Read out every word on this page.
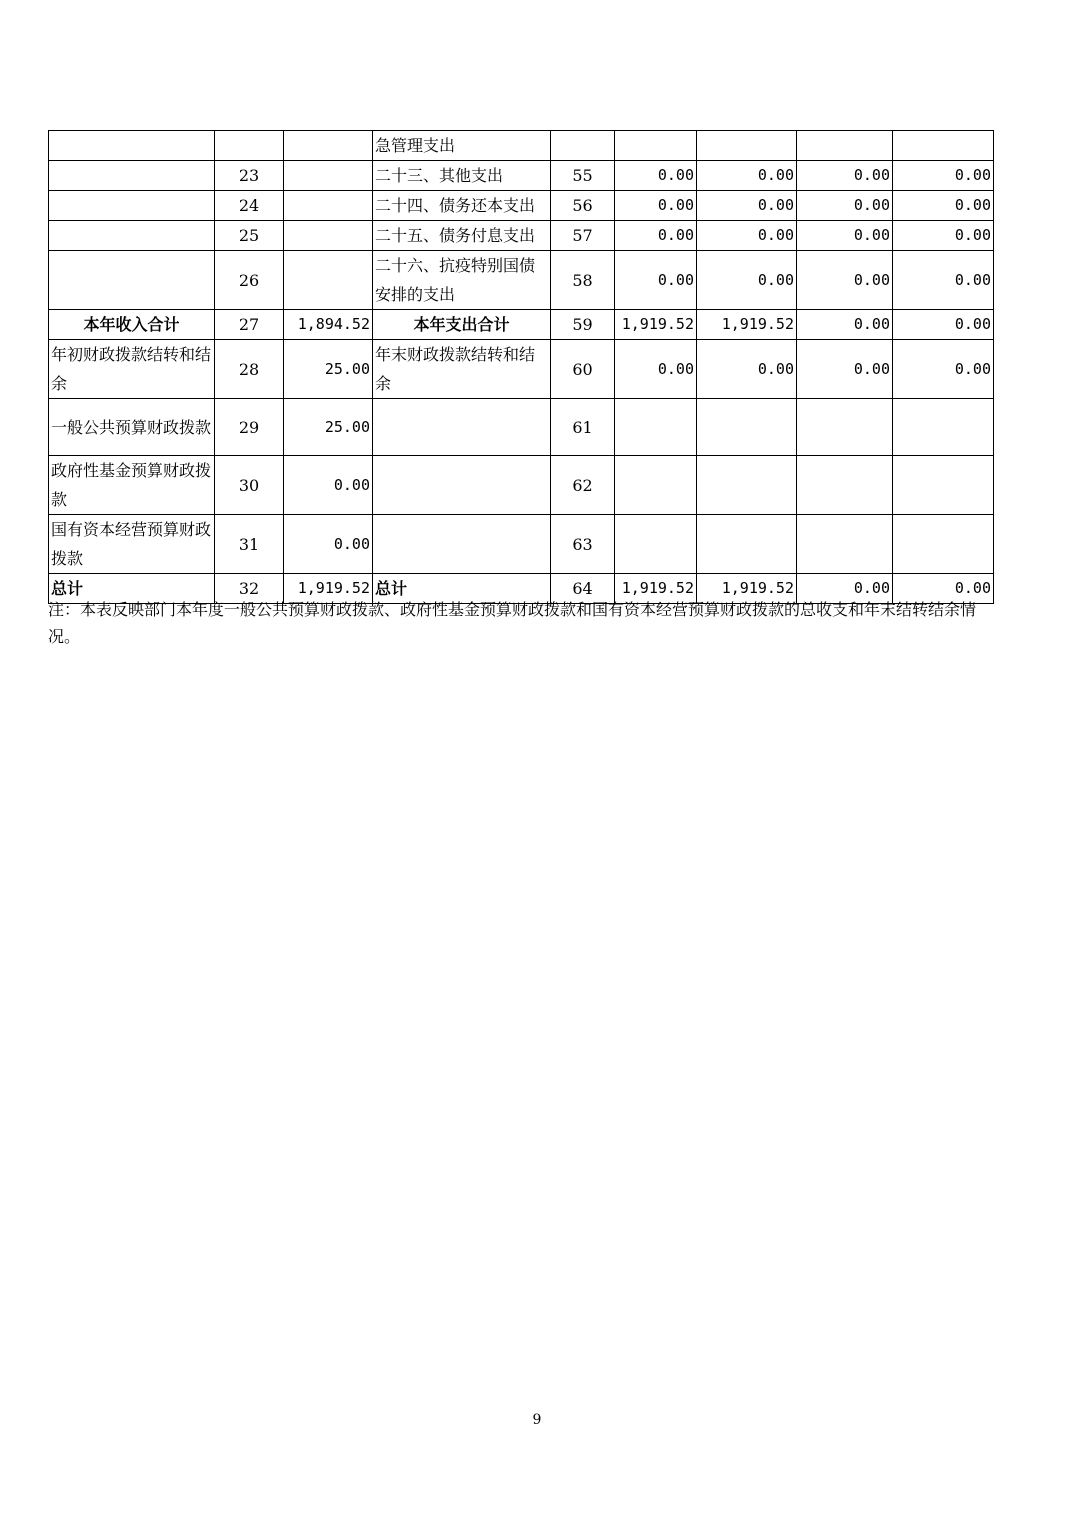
			急管理支出					
	23		二十三、其他支出	55	0.00	0.00	0.00	0.00
	24		二十四、债务还本支出	56	0.00	0.00	0.00	0.00
	25		二十五、债务付息支出	57	0.00	0.00	0.00	0.00
	26		二十六、抗疫特别国债安排的支出	58	0.00	0.00	0.00	0.00
本年收入合计	27	1,894.52	本年支出合计	59	1,919.52	1,919.52	0.00	0.00
年初财政拨款结转和结余	28	25.00	年末财政拨款结转和结余	60	0.00	0.00	0.00	0.00
一般公共预算财政拨款	29	25.00		61				
政府性基金预算财政拨款	30	0.00		62				
国有资本经营预算财政拨款	31	0.00		63				
总计	32	1,919.52	总计	64	1,919.52	1,919.52	0.00	0.00
注：本表反映部门本年度一般公共预算财政拨款、政府性基金预算财政拨款和国有资本经营预算财政拨款的总收支和年末结转结余情况。
9
